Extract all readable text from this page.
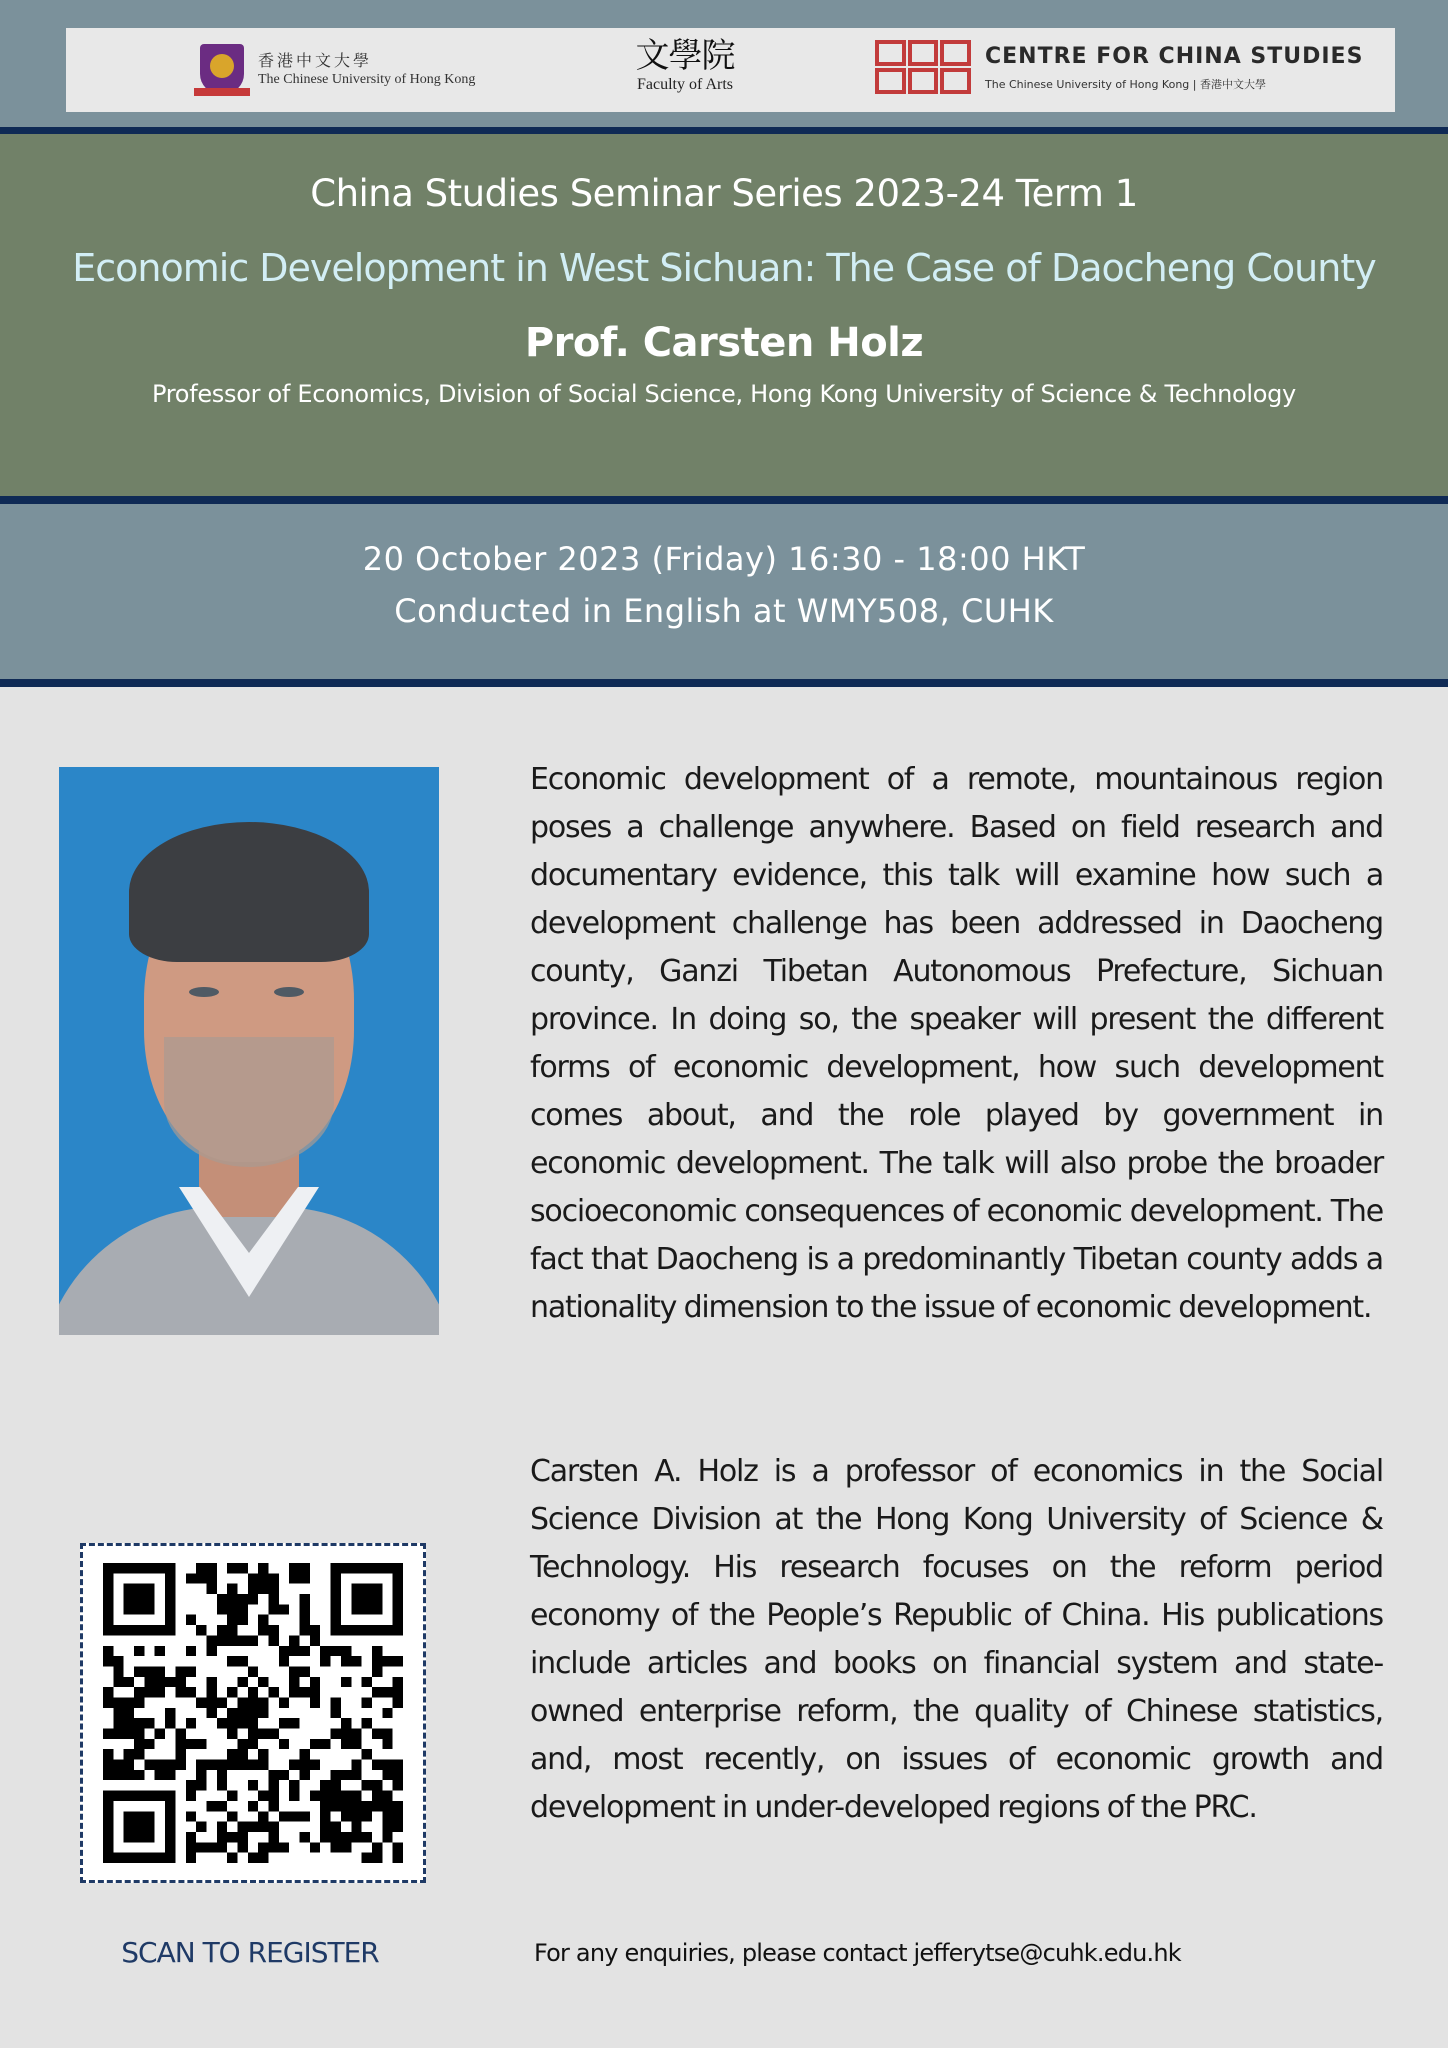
香港中文大學
The Chinese University of Hong Kong
文學院
Faculty of Arts
CENTRE FOR CHINA STUDIES
The Chinese University of Hong Kong | 香港中文大學
China Studies Seminar Series 2023-24 Term 1
Economic Development in West Sichuan: The Case of Daocheng County
Prof. Carsten Holz
Professor of Economics, Division of Social Science, Hong Kong University of Science & Technology
20 October 2023 (Friday) 16:30 - 18:00 HKT
Conducted in English at WMY508, CUHK
Economic development of a remote, mountainous region poses a challenge anywhere. Based on field research and documentary evidence, this talk will examine how such a development challenge has been addressed in Daocheng county, Ganzi Tibetan Autonomous Prefecture, Sichuan province. In doing so, the speaker will present the different forms of economic development, how such development comes about, and the role played by government in economic development. The talk will also probe the broader socioeconomic consequences of economic development. The fact that Daocheng is a predominantly Tibetan county adds a nationality dimension to the issue of economic development.
Carsten A. Holz is a professor of economics in the Social Science Division at the Hong Kong University of Science & Technology. His research focuses on the reform period economy of the People’s Republic of China. His publications include articles and books on financial system and state-owned enterprise reform, the quality of Chinese statistics, and, most recently, on issues of economic growth and development in under-developed regions of the PRC.
SCAN TO REGISTER	For any enquiries, please contact jefferytse@cuhk.edu.hk
